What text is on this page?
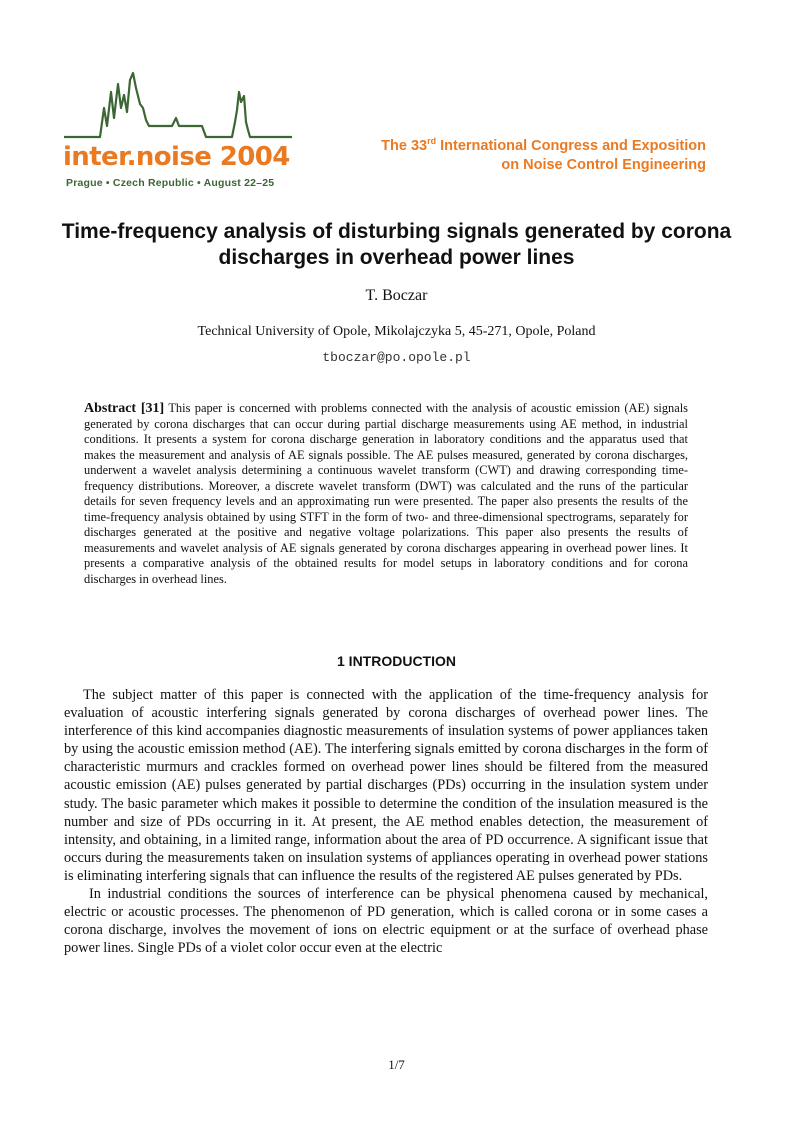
inter.noise 2004
Prague • Czech Republic • August 22–25
The 33rd International Congress and Exposition
on Noise Control Engineering
Time-frequency analysis of disturbing signals generated by corona discharges in overhead power lines
T. Boczar
Technical University of Opole, Mikolajczyka 5, 45-271, Opole, Poland
tboczar@po.opole.pl

Abstract [31] This paper is concerned with problems connected with the analysis of acoustic emission (AE) signals generated by corona discharges that can occur during partial discharge measurements using AE method, in industrial conditions. It presents a system for corona discharge generation in laboratory conditions and the apparatus used that makes the measurement and analysis of AE signals possible. The AE pulses measured, generated by corona discharges, underwent a wavelet analysis determining a continuous wavelet transform (CWT) and drawing corresponding time-frequency distributions. Moreover, a discrete wavelet transform (DWT) was calculated and the runs of the particular details for seven frequency levels and an approximating run were presented. The paper also presents the results of the time-frequency analysis obtained by using STFT in the form of two- and three-dimensional spectrograms, separately for discharges generated at the positive and negative voltage polarizations. This paper also presents the results of measurements and wavelet analysis of AE signals generated by corona discharges appearing in overhead power lines. It presents a comparative analysis of the obtained results for model setups in laboratory conditions and for corona discharges in overhead lines.

1 INTRODUCTION

The subject matter of this paper is connected with the application of the time-frequency analysis for evaluation of acoustic interfering signals generated by corona discharges of overhead power lines. The interference of this kind accompanies diagnostic measurements of insulation systems of power appliances taken by using the acoustic emission method (AE). The interfering signals emitted by corona discharges in the form of characteristic murmurs and crackles formed on overhead power lines should be filtered from the measured acoustic emission (AE) pulses generated by partial discharges (PDs) occurring in the insulation system under study. The basic parameter which makes it possible to determine the condition of the insulation measured is the number and size of PDs occurring in it. At present, the AE method enables detection, the measurement of intensity, and obtaining, in a limited range, information about the area of PD occurrence. A significant issue that occurs during the measurements taken on insulation systems of appliances operating in overhead power stations is eliminating interfering signals that can influence the results of the registered AE pulses generated by PDs.

In industrial conditions the sources of interference can be physical phenomena caused by mechanical, electric or acoustic processes. The phenomenon of PD generation, which is called corona or in some cases a corona discharge, involves the movement of ions on electric equipment or at the surface of overhead phase power lines. Single PDs of a violet color occur even at the electric

1/7
